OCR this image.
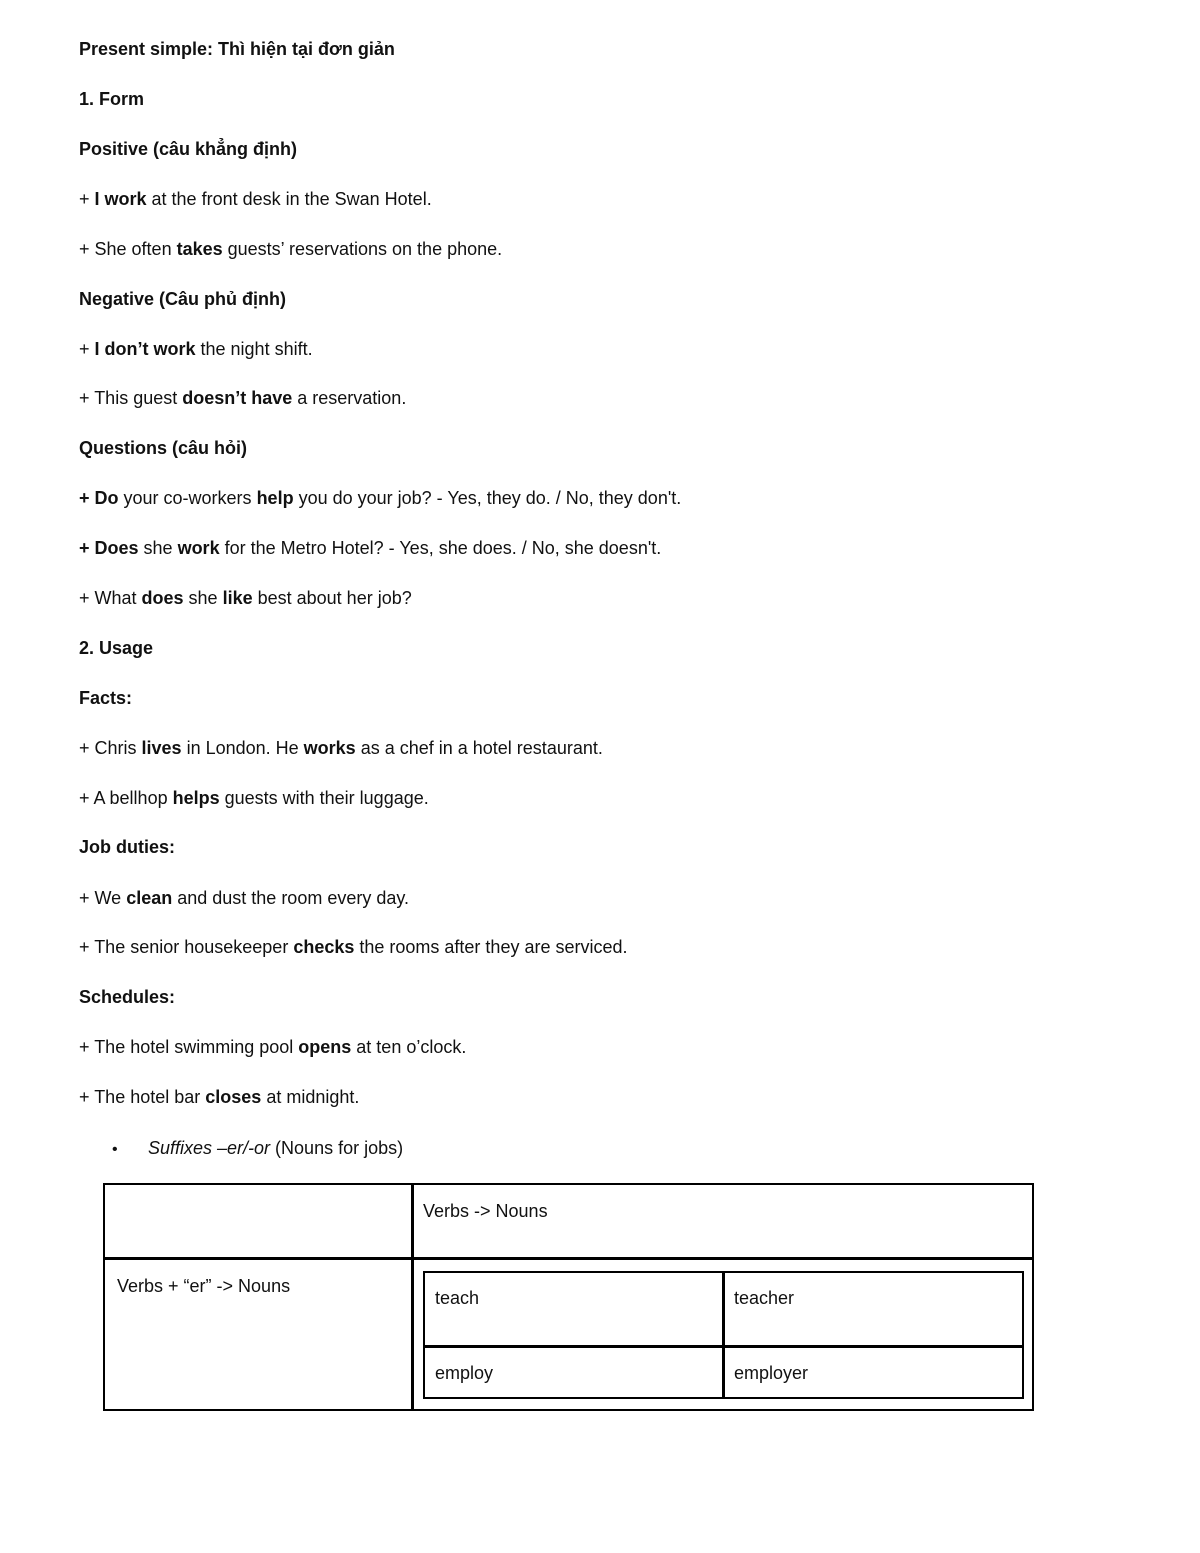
Present simple: Thì hiện tại đơn giản
1. Form
Positive (câu khẳng định)
+ I work at the front desk in the Swan Hotel.
+ She often takes guests’ reservations on the phone.
Negative (Câu phủ định)
+ I don’t work the night shift.
+ This guest doesn’t have a reservation.
Questions (câu hỏi)
+ Do your co-workers help you do your job? - Yes, they do. / No, they don't.
+ Does she work for the Metro Hotel? - Yes, she does. / No, she doesn't.
+ What does she like best about her job?
2. Usage
Facts:
+ Chris lives in London. He works as a chef in a hotel restaurant.
+ A bellhop helps guests with their luggage.
Job duties:
+ We clean and dust the room every day.
+ The senior housekeeper checks the rooms after they are serviced.
Schedules:
+ The hotel swimming pool opens at ten o’clock.
+ The hotel bar closes at midnight.
• Suffixes –er/-or (Nouns for jobs)
Verbs -> Nouns
Verbs + “er” -> Nouns
teach	teacher
employ	employer
